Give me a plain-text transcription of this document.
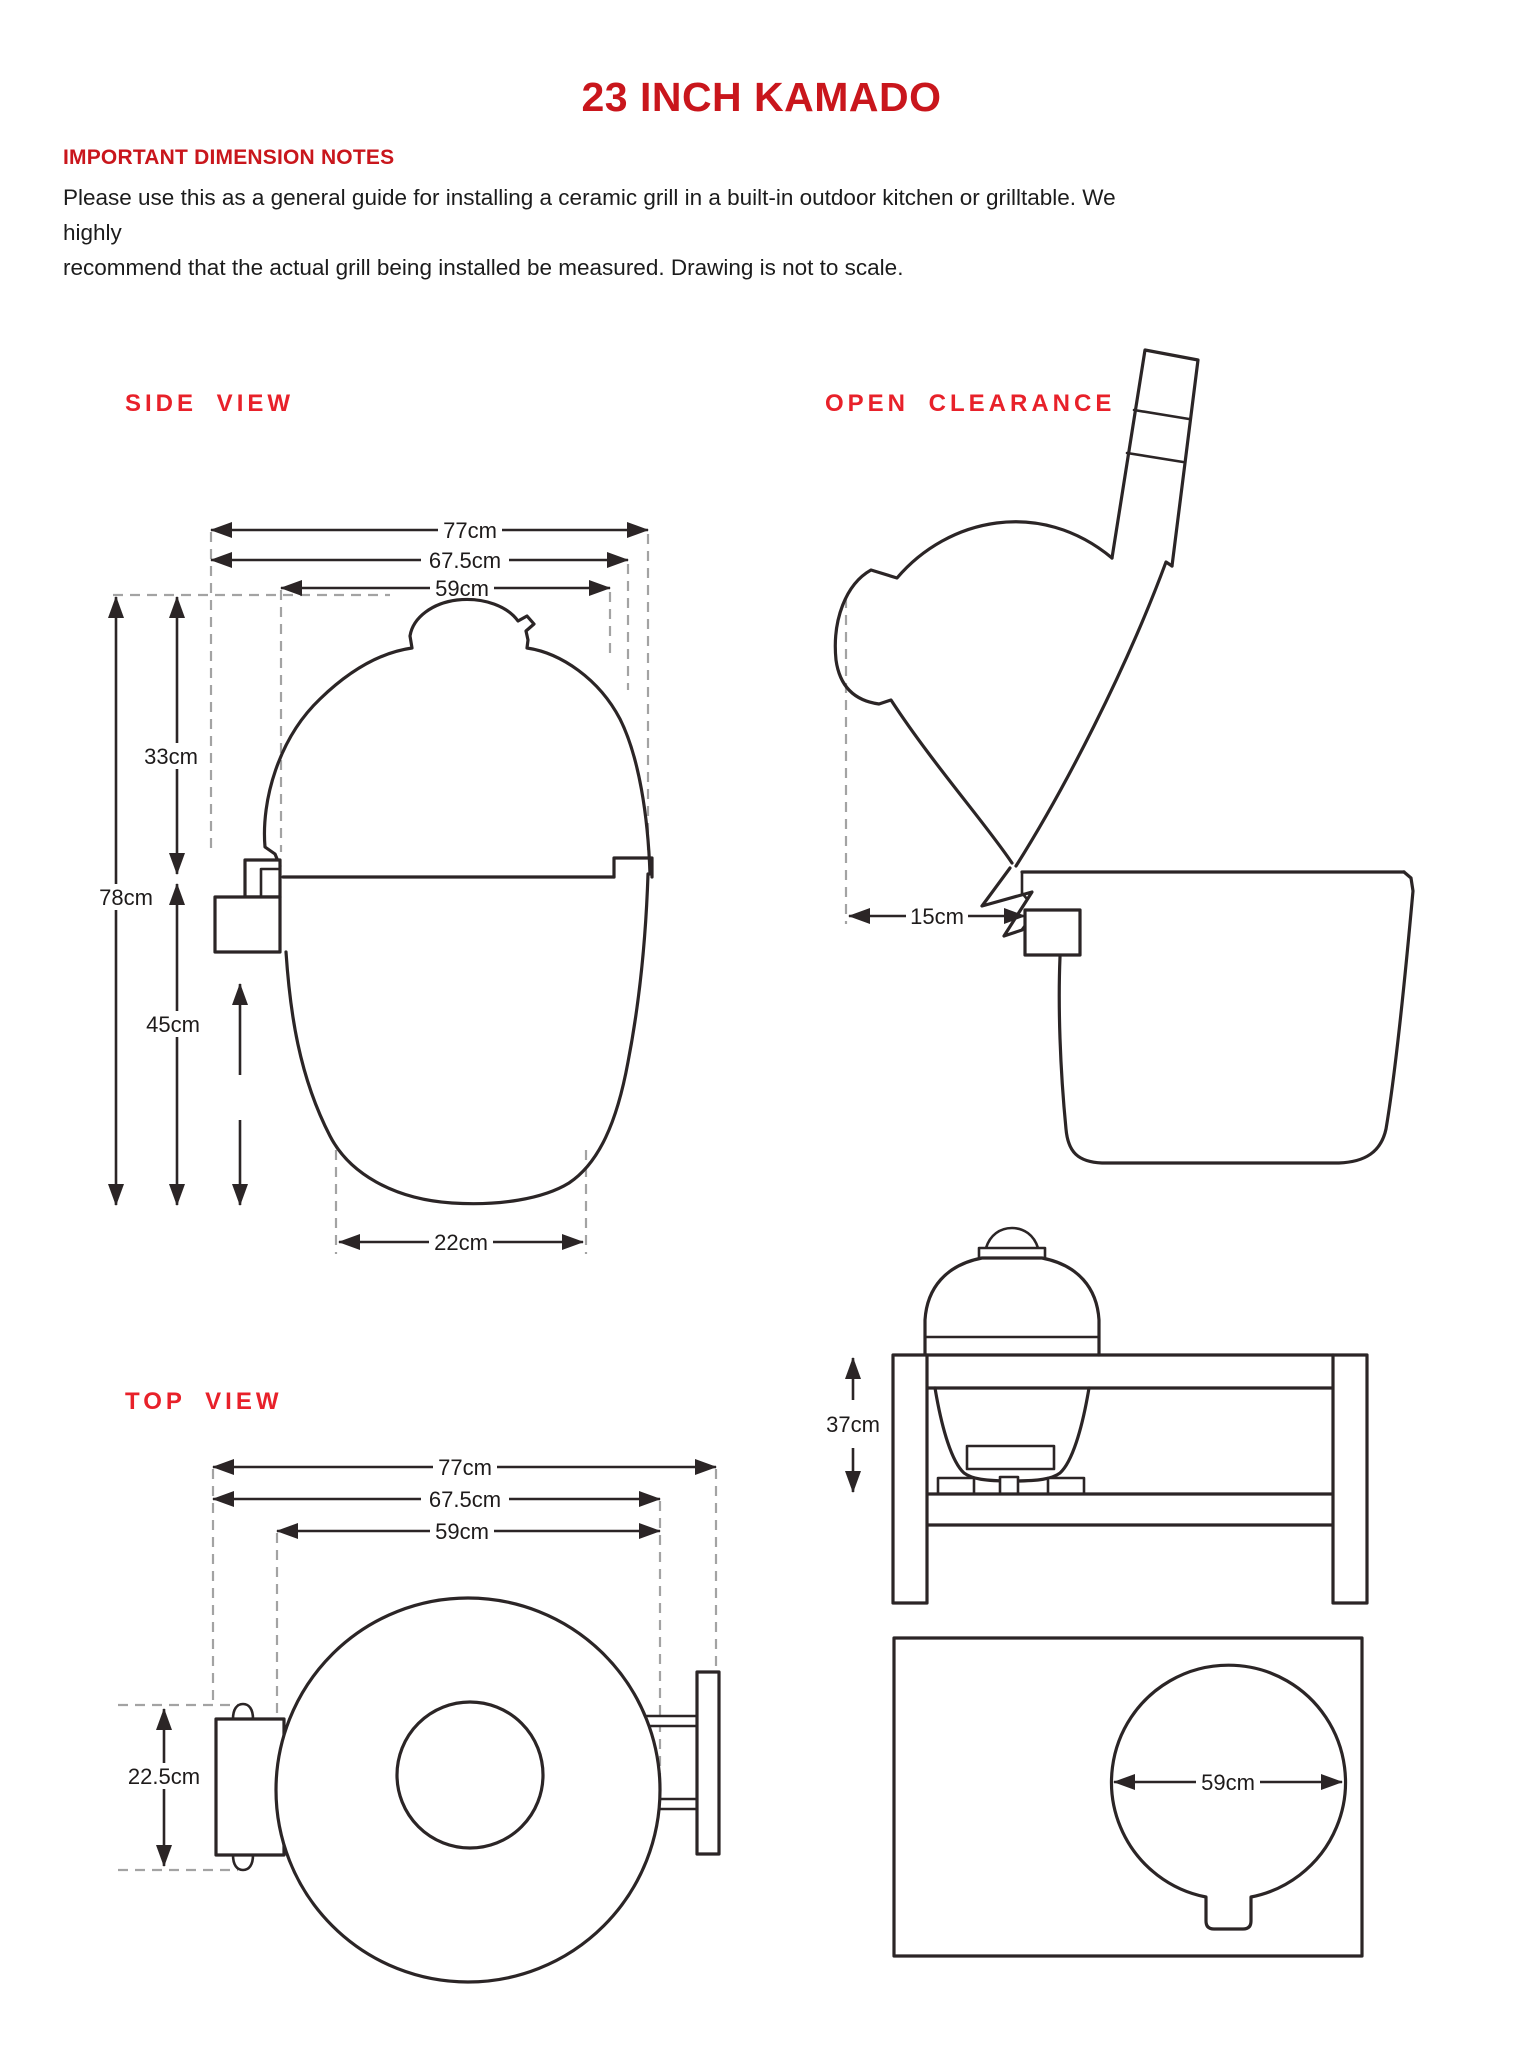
23 INCH KAMADO
IMPORTANT DIMENSION NOTES
Please use this as a general guide for installing a ceramic grill in a built-in outdoor kitchen or grilltable. We highly
recommend that the actual grill being installed be measured. Drawing is not to scale.
SIDE VIEW	OPEN CLEARANCE
TOP VIEW
77cm
67.5cm
59cm
78cm
33cm
45cm
22cm
15cm
37cm
59cm
77cm
67.5cm
59cm
22.5cm
